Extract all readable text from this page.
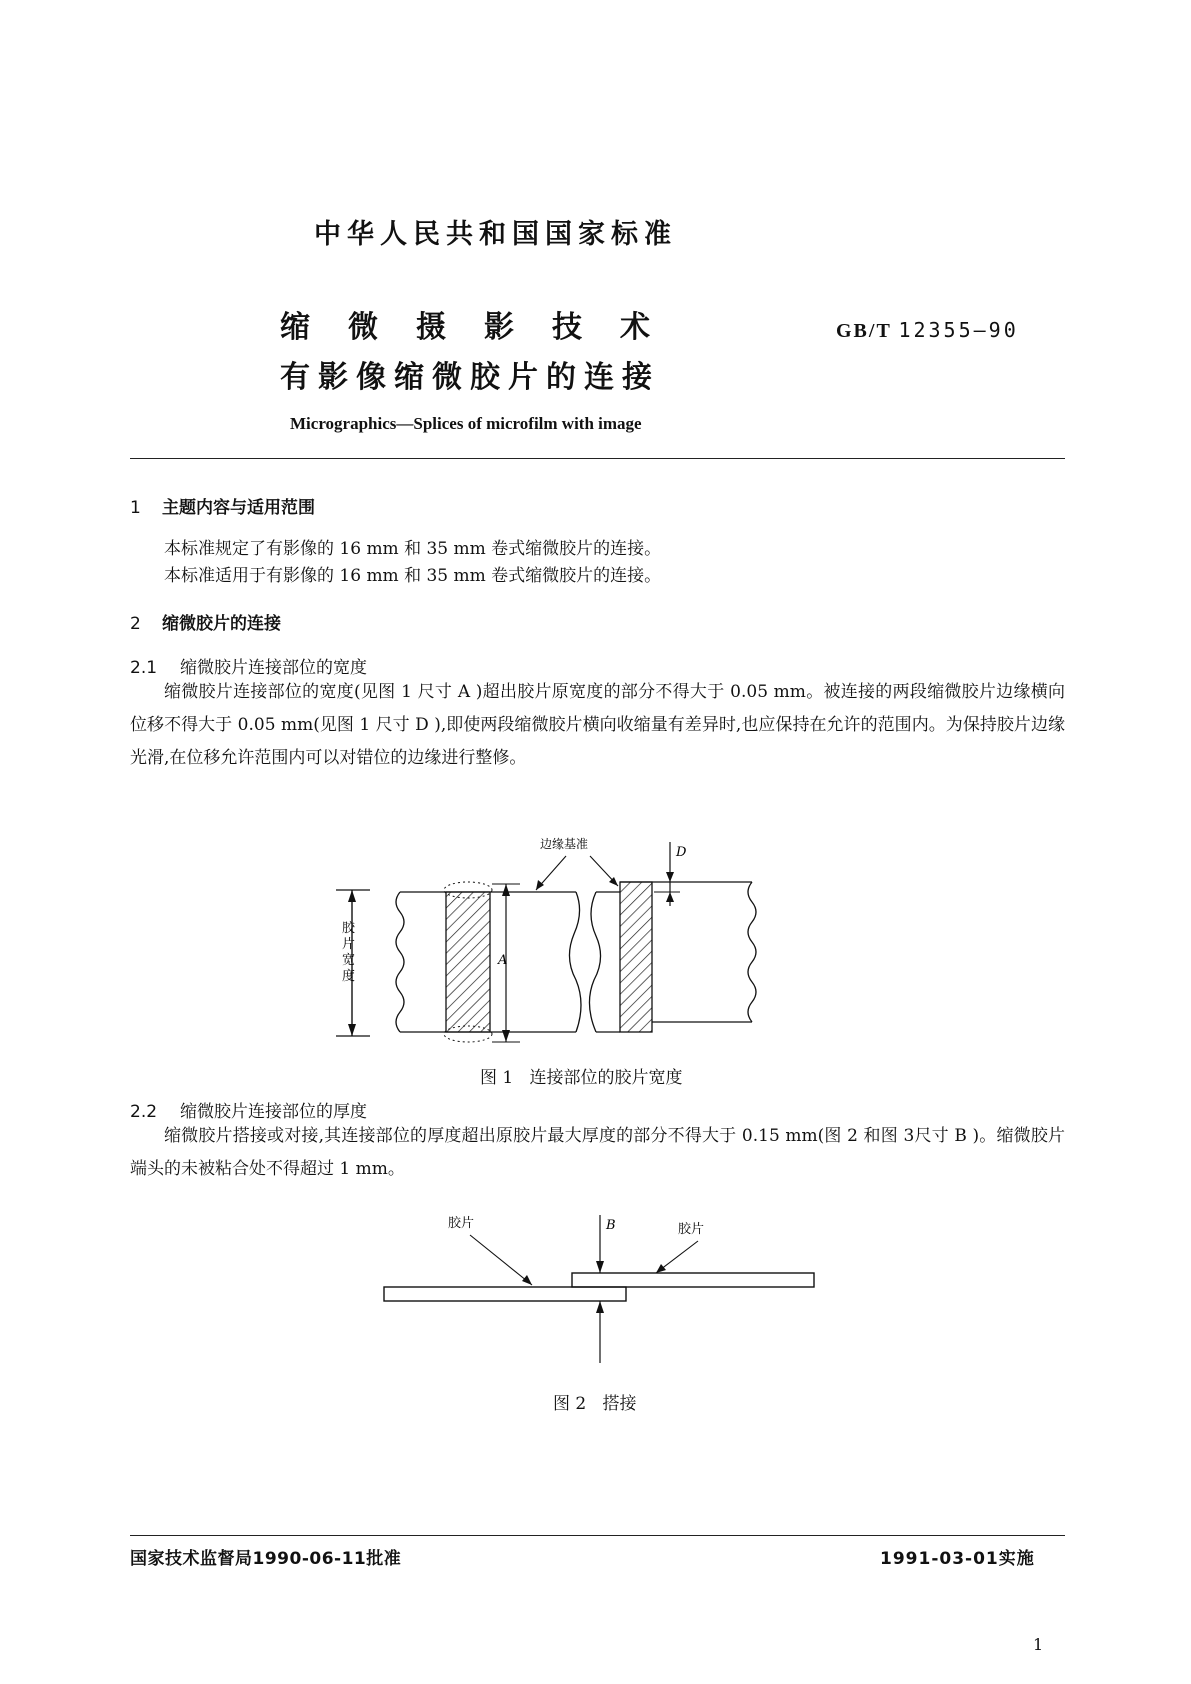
中华人民共和国国家标准
缩微摄影技术
有影像缩微胶片的连接
GB/T 12355—90
Micrographics—Splices of microfilm with image
1 主题内容与适用范围
本标准规定了有影像的 16 mm 和 35 mm 卷式缩微胶片的连接。
本标准适用于有影像的 16 mm 和 35 mm 卷式缩微胶片的连接。
2 缩微胶片的连接
2.1 缩微胶片连接部位的宽度
缩微胶片连接部位的宽度(见图 1 尺寸 A )超出胶片原宽度的部分不得大于 0.05 mm。被连接的两段缩微胶片边缘横向位移不得大于 0.05 mm(见图 1 尺寸 D ),即使两段缩微胶片横向收缩量有差异时,也应保持在允许的范围内。为保持胶片边缘光滑,在位移允许范围内可以对错位的边缘进行整修。
胶
片
宽
度
A
边缘基准
D
图 1 连接部位的胶片宽度
2.2 缩微胶片连接部位的厚度
缩微胶片搭接或对接,其连接部位的厚度超出原胶片最大厚度的部分不得大于 0.15 mm(图 2 和图 3尺寸 B )。缩微胶片端头的未被粘合处不得超过 1 mm。
胶片	胶片
B
图 2 搭接
国家技术监督局1990-06-11批准	1991-03-01实施
1
